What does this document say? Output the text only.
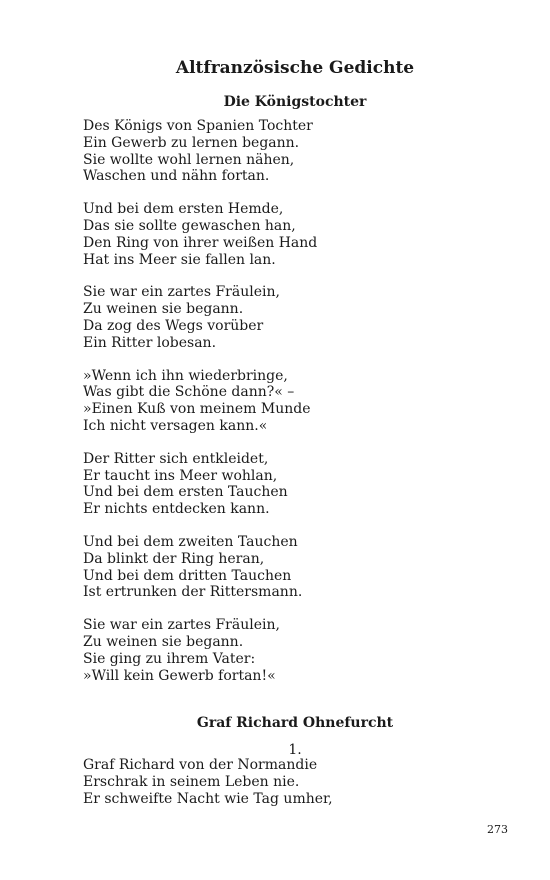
Altfranzösische Gedichte
Die Königstochter
Des Königs von Spanien Tochter
Ein Gewerb zu lernen begann.
Sie wollte wohl lernen nähen,
Waschen und nähn fortan.
Und bei dem ersten Hemde,
Das sie sollte gewaschen han,
Den Ring von ihrer weißen Hand
Hat ins Meer sie fallen lan.
Sie war ein zartes Fräulein,
Zu weinen sie begann.
Da zog des Wegs vorüber
Ein Ritter lobesan.
»Wenn ich ihn wiederbringe,
Was gibt die Schöne dann?« –
»Einen Kuß von meinem Munde
Ich nicht versagen kann.«
Der Ritter sich entkleidet,
Er taucht ins Meer wohlan,
Und bei dem ersten Tauchen
Er nichts entdecken kann.
Und bei dem zweiten Tauchen
Da blinkt der Ring heran,
Und bei dem dritten Tauchen
Ist ertrunken der Rittersmann.
Sie war ein zartes Fräulein,
Zu weinen sie begann.
Sie ging zu ihrem Vater:
»Will kein Gewerb fortan!«
Graf Richard Ohnefurcht
1.
Graf Richard von der Normandie
Erschrak in seinem Leben nie.
Er schweifte Nacht wie Tag umher,
273
